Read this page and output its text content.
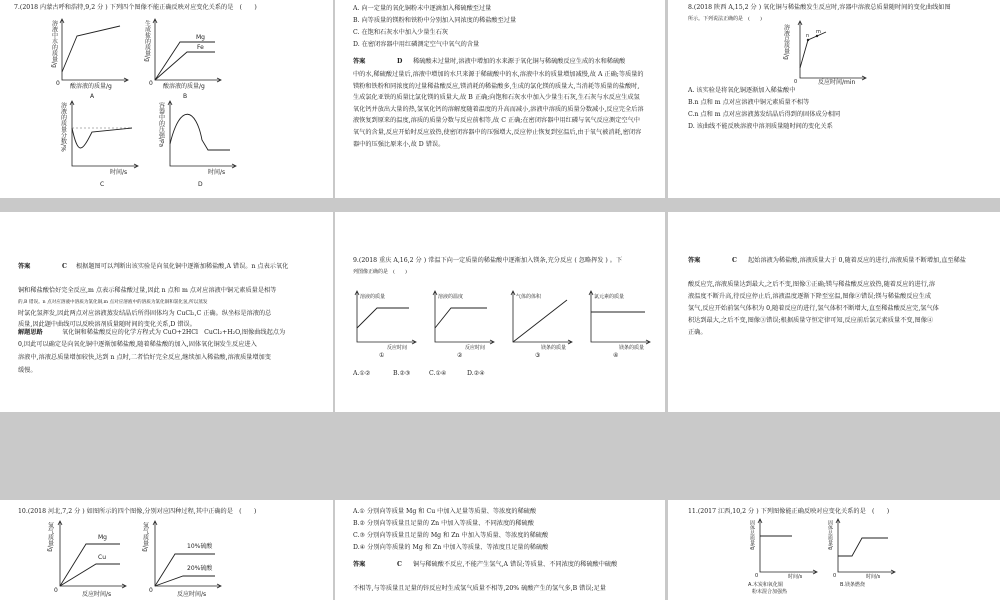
7.(2018 内蒙古呼和浩特,9,2 分 ) 下列四个图像不能正确反映对应变化关系的是　(　　)
溶液中水的质量/g
0 酸溶液的质量/g
A
生成盐的质量/g	Mg
Fe
0 酸溶液的质量/g
B
溶液的质量分数/%
时间/s
C
容器中的压强/Pa
时间/s
D
A. 向一定量的氧化铜粉末中逐滴加入稀硫酸至过量
B. 向等质量的镁粉和铁粉中分别加入同浓度的稀盐酸至过量
C. 在饱和石灰水中加入少量生石灰
D. 在密闭容器中用红磷测定空气中氧气的含量
答案	D 稀硫酸未过量时,溶液中增加的水来源于氧化铜与稀硫酸反应生成的水和稀硫酸
中的水,稀硫酸过量后,溶液中增加的水只来源于稀硫酸中的水,溶液中水的质量增加减慢,故 A 正确;等质量的镁粉和铁粉和同浓度的过量稀盐酸反应,镁消耗的稀盐酸多,生成的氯化镁的质量大,当消耗等质量的盐酸时,生成氯化亚铁的质量比氯化镁的质量大,故 B 正确;向饱和石灰水中加入少量生石灰,生石灰与水反应生成氢氧化钙并放出大量的热,氢氧化钙的溶解度随着温度的升高而减小,溶液中溶质的质量分数减小,反应完全后溶液恢复到原来的温度,溶质的质量分数与反应前相等,故 C 正确;在密闭容器中用红磷与氧气反应测定空气中氧气的含量,反应开始时反应放热,使密闭容器中的压强增大,反应停止恢复到室温后,由于氧气被消耗,密闭容器中的压强比原来小,故 D 错误。
8.(2018 陕西 A,15,2 分 ) 氧化铜与稀盐酸发生反应时,容器中溶液总质量随时间的变化曲线如图
所示。下列说法正确的是　(　　)
溶液总质量/g	n
m
0	反应时间/min
A. 该实验是将氧化铜逐渐加入稀盐酸中
B.n 点和 m 点对应溶液中铜元素质量不相等
C.n 点和 m 点对应溶液蒸发结晶后得到的固体成分相同
D. 该曲线不能反映溶液中溶剂质量随时间的变化关系
答案	C 根据题图可以判断出该实验是向氧化铜中逐渐加稀盐酸,A 错误。n 点表示氧化
铜和稀盐酸恰好完全反应,m 点表示稀盐酸过量,因此 n 点和 m 点对应溶液中铜元素质量是相等
的,B 错误。n 点对应溶液中溶质为氯化铜,m 点对应溶液中的溶质为氯化铜和氯化氢,所以蒸发
时氯化氢挥发,因此两点对应溶液蒸发结晶后所得固体均为 CuCl₂,C 正确。纵坐标是溶液的总
质量,因此题中曲线可以反映溶剂质量随时间的变化关系,D 错误。
解题思路	氧化铜和稀盐酸反应的化学方程式为 CuO+2HCl　CuCl₂+H₂O,图像曲线起点为
0,因此可以确定是向氧化铜中逐渐加稀盐酸,随着稀盐酸的加入,固体氧化铜发生反应进入
溶液中,溶液总质量增加较快,达到 n 点时,二者恰好完全反应,继续加入稀盐酸,溶液质量增加变
缓慢。
9.(2018 重庆 A,16,2 分 ) 常温下向一定质量的稀盐酸中逐渐加入镁条,充分反应 ( 忽略挥发 ) 。下
列图像正确的是　(　　)
溶液的质量
反应时间
①
溶液的温度
反应时间
②
气体的体积
镁条的质量
③
氯元素的质量
镁条的质量
④
A.①②	B.②③	C.①④	D.②④
答案	C 起始溶液为稀盐酸,溶液质量大于 0,随着反应的进行,溶液质量不断增加,直至稀盐
酸反应完,溶液质量达到最大,之后不变,图像①正确;镁与稀盐酸反应放热,随着反应的进行,溶
液温度不断升高,待反应停止后,溶液温度逐渐下降至室温,图像②错误;镁与稀盐酸反应生成
氢气,反应开始前氢气体积为 0,随着反应的进行,氢气体积不断增大,直至稀盐酸反应完,氢气体
积达到最大,之后不变,图像③错误;根据质量守恒定律可知,反应前后氯元素质量不变,图像④
正确。
10.(2018 河北,7,2 分 ) 如图所示的四个图像,分别对应四种过程,其中正确的是　(　　)
氢气质量/g	Mg
Cu
0
反应时间/s
氢气质量/g	10%硫酸
20%硫酸
0
反应时间/s
A.① 分别向等质量 Mg 和 Cu 中加入足量等质量、等浓度的稀硫酸
B.② 分别向等质量且足量的 Zn 中加入等质量、不同浓度的稀硫酸
C.③ 分别向等质量且足量的 Mg 和 Zn 中加入等质量、等浓度的稀硫酸
D.④ 分别向等质量的 Mg 和 Zn 中加入等质量、等浓度且足量的稀硫酸
答案	C 铜与稀硫酸不反应,不能产生氢气,A 错误;等质量、不同浓度的稀硫酸中硫酸
不相等,与等质量且足量的锌反应时生成氢气质量不相等,20% 硫酸产生的氢气多,B 错误;足量
11.(2017 江西,10,2 分 ) 下列图像能正确反映对应变化关系的是　(　　)
固体总质量/g
0	时间/s
A.木炭和氧化铜
粉末混合加强热
固体总质量/g
0	时间/s
B.镁条燃烧
